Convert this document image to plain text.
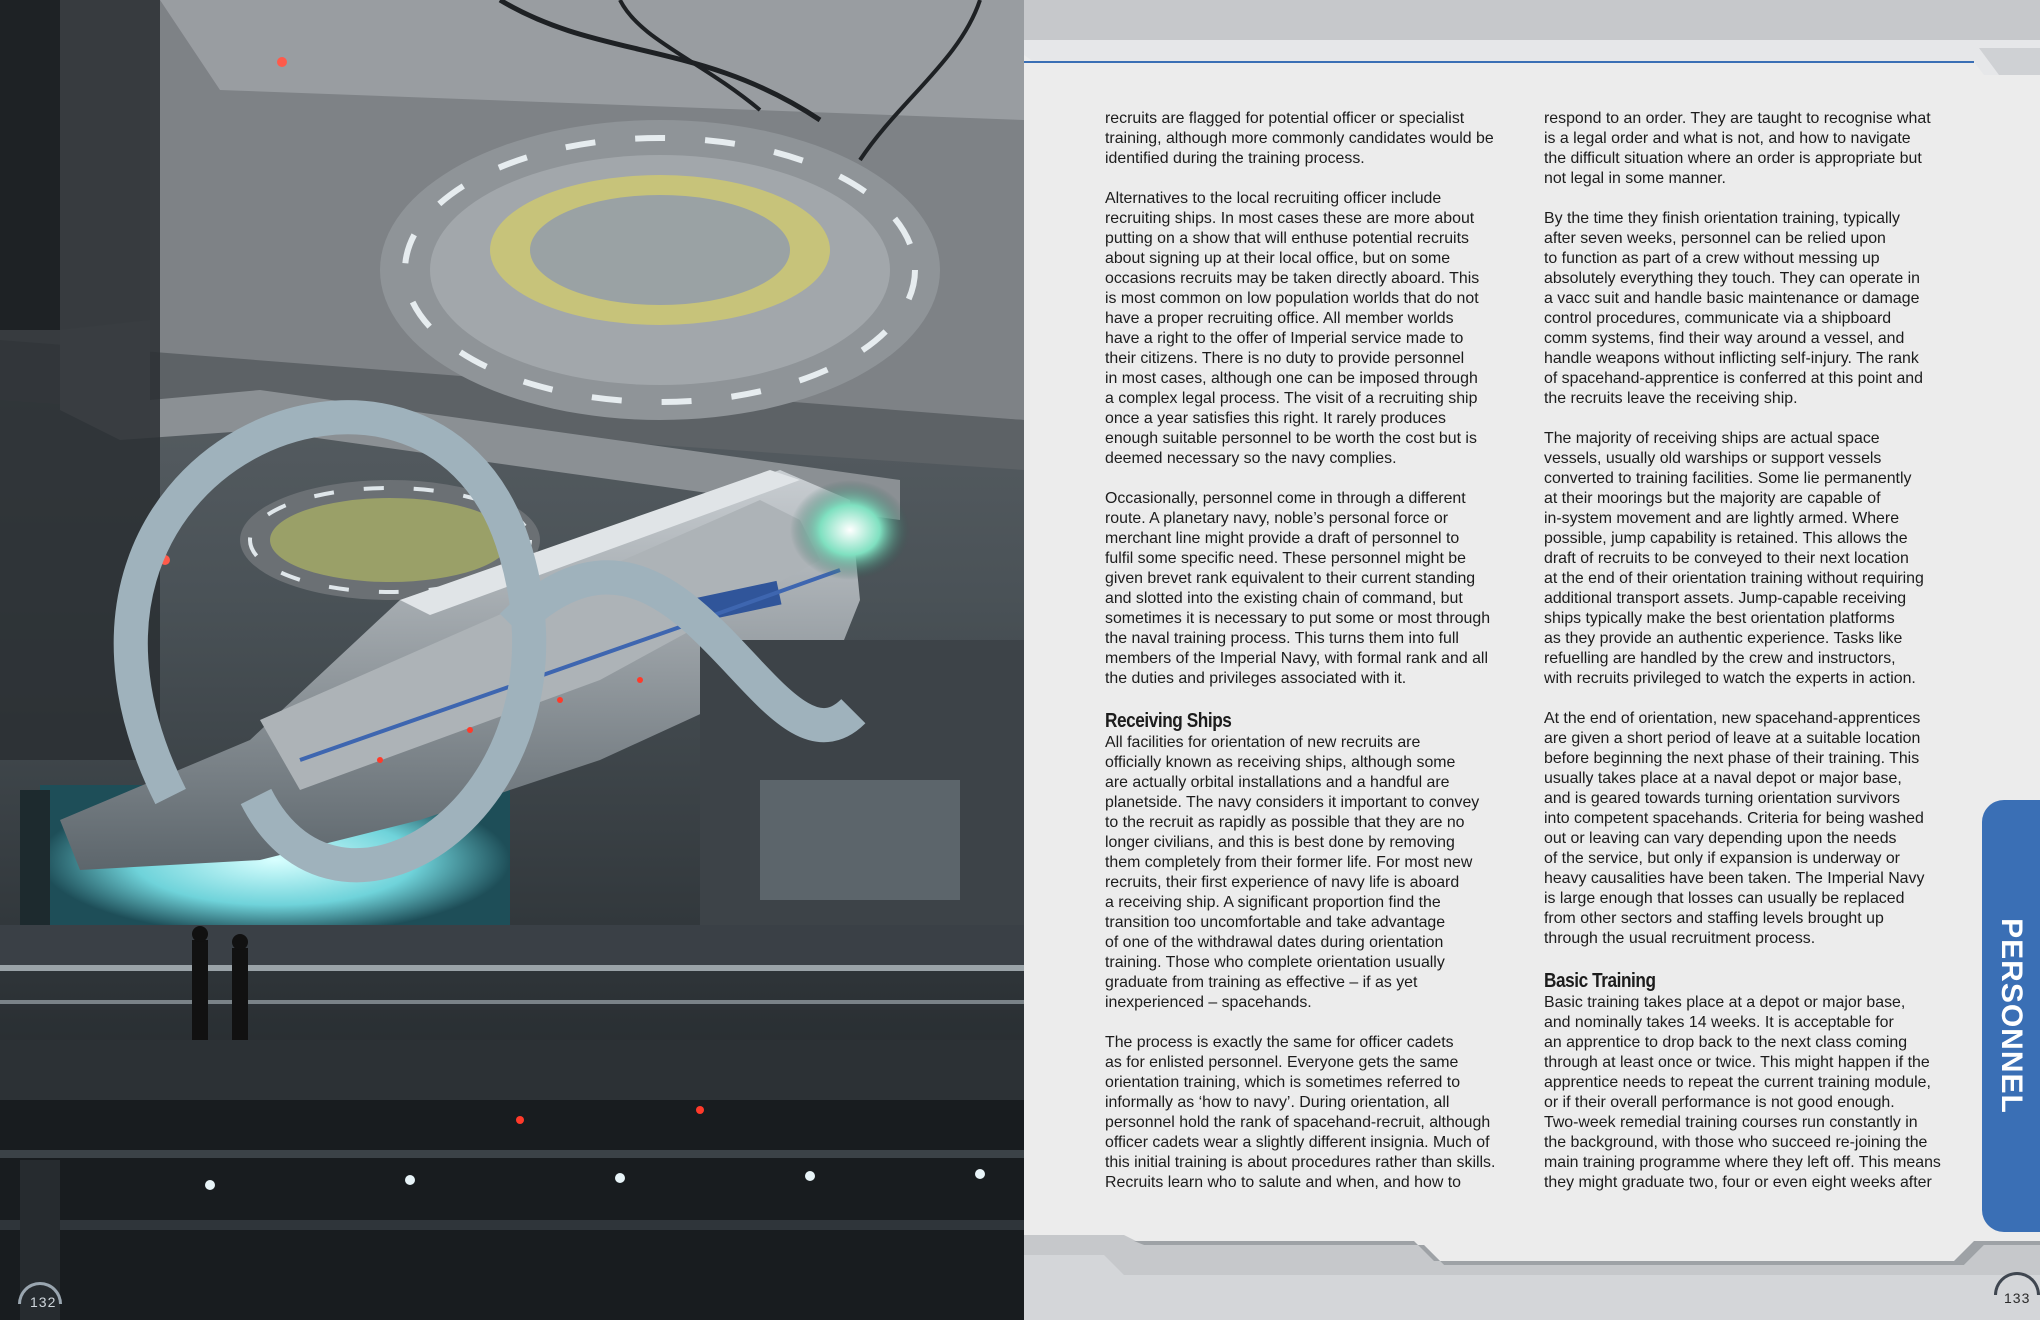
132

recruits are flagged for potential officer or specialist
training, although more commonly candidates would be
identified during the training process.

Alternatives to the local recruiting officer include
recruiting ships. In most cases these are more about
putting on a show that will enthuse potential recruits
about signing up at their local office, but on some
occasions recruits may be taken directly aboard. This
is most common on low population worlds that do not
have a proper recruiting office. All member worlds
have a right to the offer of Imperial service made to
their citizens. There is no duty to provide personnel
in most cases, although one can be imposed through
a complex legal process. The visit of a recruiting ship
once a year satisfies this right. It rarely produces
enough suitable personnel to be worth the cost but is
deemed necessary so the navy complies.

Occasionally, personnel come in through a different
route. A planetary navy, noble’s personal force or
merchant line might provide a draft of personnel to
fulfil some specific need. These personnel might be
given brevet rank equivalent to their current standing
and slotted into the existing chain of command, but
sometimes it is necessary to put some or most through
the naval training process. This turns them into full
members of the Imperial Navy, with formal rank and all
the duties and privileges associated with it.

Receiving Ships

All facilities for orientation of new recruits are
officially known as receiving ships, although some
are actually orbital installations and a handful are
planetside. The navy considers it important to convey
to the recruit as rapidly as possible that they are no
longer civilians, and this is best done by removing
them completely from their former life. For most new
recruits, their first experience of navy life is aboard
a receiving ship. A significant proportion find the
transition too uncomfortable and take advantage
of one of the withdrawal dates during orientation
training. Those who complete orientation usually
graduate from training as effective – if as yet
inexperienced – spacehands.

The process is exactly the same for officer cadets
as for enlisted personnel. Everyone gets the same
orientation training, which is sometimes referred to
informally as ‘how to navy’. During orientation, all
personnel hold the rank of spacehand-recruit, although
officer cadets wear a slightly different insignia. Much of
this initial training is about procedures rather than skills.
Recruits learn who to salute and when, and how to

respond to an order. They are taught to recognise what
is a legal order and what is not, and how to navigate
the difficult situation where an order is appropriate but
not legal in some manner.

By the time they finish orientation training, typically
after seven weeks, personnel can be relied upon
to function as part of a crew without messing up
absolutely everything they touch. They can operate in
a vacc suit and handle basic maintenance or damage
control procedures, communicate via a shipboard
comm systems, find their way around a vessel, and
handle weapons without inflicting self-injury. The rank
of spacehand-apprentice is conferred at this point and
the recruits leave the receiving ship.

The majority of receiving ships are actual space
vessels, usually old warships or support vessels
converted to training facilities. Some lie permanently
at their moorings but the majority are capable of
in-system movement and are lightly armed. Where
possible, jump capability is retained. This allows the
draft of recruits to be conveyed to their next location
at the end of their orientation training without requiring
additional transport assets. Jump-capable receiving
ships typically make the best orientation platforms
as they provide an authentic experience. Tasks like
refuelling are handled by the crew and instructors,
with recruits privileged to watch the experts in action.

At the end of orientation, new spacehand-apprentices
are given a short period of leave at a suitable location
before beginning the next phase of their training. This
usually takes place at a naval depot or major base,
and is geared towards turning orientation survivors
into competent spacehands. Criteria for being washed
out or leaving can vary depending upon the needs
of the service, but only if expansion is underway or
heavy causalities have been taken. The Imperial Navy
is large enough that losses can usually be replaced
from other sectors and staffing levels brought up
through the usual recruitment process.

Basic Training

Basic training takes place at a depot or major base,
and nominally takes 14 weeks. It is acceptable for
an apprentice to drop back to the next class coming
through at least once or twice. This might happen if the
apprentice needs to repeat the current training module,
or if their overall performance is not good enough.
Two-week remedial training courses run constantly in
the background, with those who succeed re-joining the
main training programme where they left off. This means
they might graduate two, four or even eight weeks after

PERSONNEL
133
